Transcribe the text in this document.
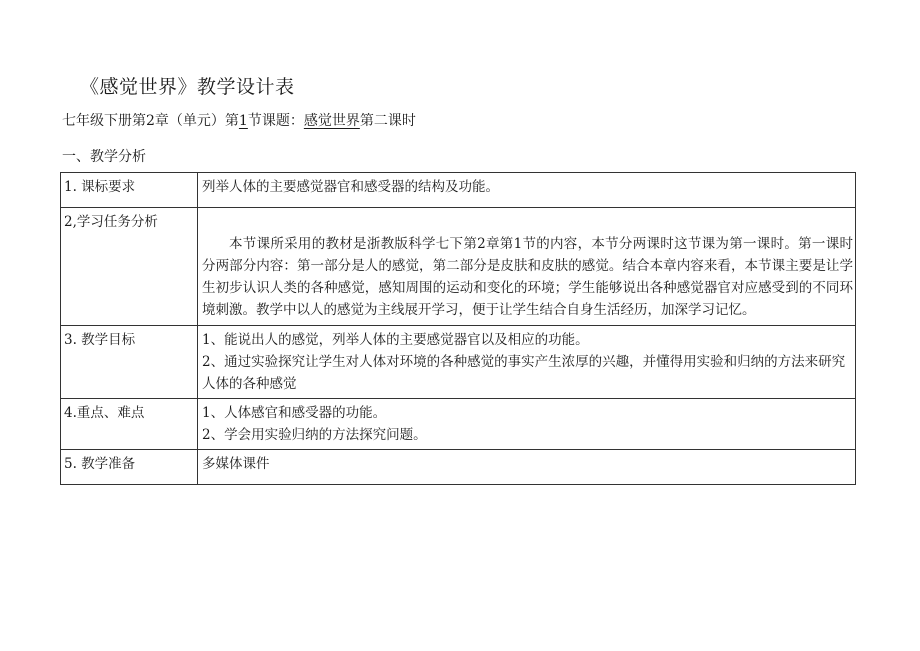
《感觉世界》教学设计表
七年级下册第2章（单元）第1节课题：感觉世界第二课时
一、教学分析
1. 课标要求	列举人体的主要感觉器官和感受器的结构及功能。

2,学习任务分析	本节课所采用的教材是浙教版科学七下第2章第1节的内容，本节分两课时这节课为第一课时。第一课时分两部分内容：第一部分是人的感觉，第二部分是皮肤和皮肤的感觉。结合本章内容来看，本节课主要是让学生初步认识人类的各种感觉，感知周围的运动和变化的环境；学生能够说出各种感觉器官对应感受到的不同环境刺激。教学中以人的感觉为主线展开学习，便于让学生结合自身生活经历，加深学习记忆。

3. 教学目标	1、能说出人的感觉，列举人体的主要感觉器官以及相应的功能。
2、通过实验探究让学生对人体对环境的各种感觉的事实产生浓厚的兴趣，并懂得用实验和归纳的方法来研究人体的各种感觉

4.重点、难点	1、人体感官和感受器的功能。
2、学会用实验归纳的方法探究问题。

5. 教学准备	多媒体课件
